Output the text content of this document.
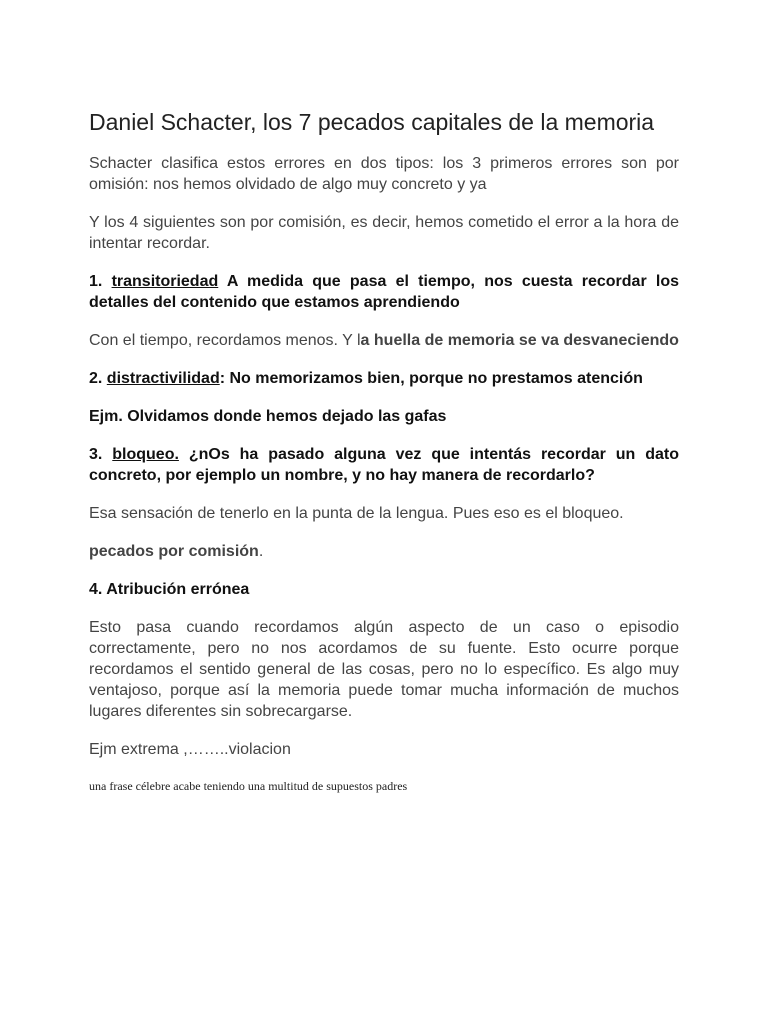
Daniel Schacter, los 7 pecados capitales de la memoria

Schacter clasifica estos errores en dos tipos: los 3 primeros errores son por omisión: nos hemos olvidado de algo muy concreto y ya

Y los 4 siguientes son por comisión, es decir, hemos cometido el error a la hora de intentar recordar.

1. transitoriedad A medida que pasa el tiempo, nos cuesta recordar los detalles del contenido que estamos aprendiendo

Con el tiempo, recordamos menos. Y la huella de memoria se va desvaneciendo

2. distractivilidad: No memorizamos bien, porque no prestamos atención

Ejm. Olvidamos donde hemos dejado las gafas

3. bloqueo. ¿nOs ha pasado alguna vez que intentás recordar un dato concreto, por ejemplo un nombre, y no hay manera de recordarlo?

Esa sensación de tenerlo en la punta de la lengua. Pues eso es el bloqueo.

pecados por comisión.

4. Atribución errónea

Esto pasa cuando recordamos algún aspecto de un caso o episodio correctamente, pero no nos acordamos de su fuente. Esto ocurre porque recordamos el sentido general de las cosas, pero no lo específico. Es algo muy ventajoso, porque así la memoria puede tomar mucha información de muchos lugares diferentes sin sobrecargarse.

Ejm extrema ,……..violacion

una frase célebre acabe teniendo una multitud de supuestos padres
